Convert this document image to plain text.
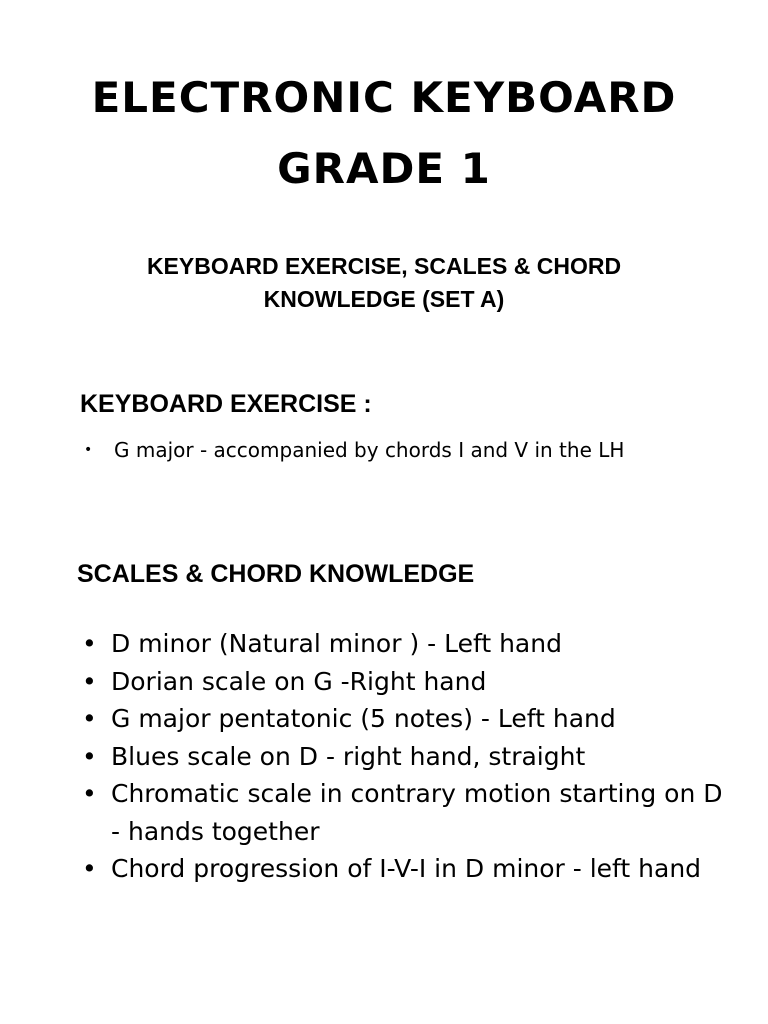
ELECTRONIC KEYBOARD
GRADE 1
KEYBOARD EXERCISE, SCALES & CHORD
KNOWLEDGE (SET A)
KEYBOARD EXERCISE :
• G major - accompanied by chords I and V in the LH
SCALES & CHORD KNOWLEDGE
• D minor (Natural minor ) - Left hand
• Dorian scale on G -Right hand
• G major pentatonic (5 notes) - Left hand
• Blues scale on D - right hand, straight
• Chromatic scale in contrary motion starting on D - hands together
• Chord progression of I-V-I in D minor - left hand
